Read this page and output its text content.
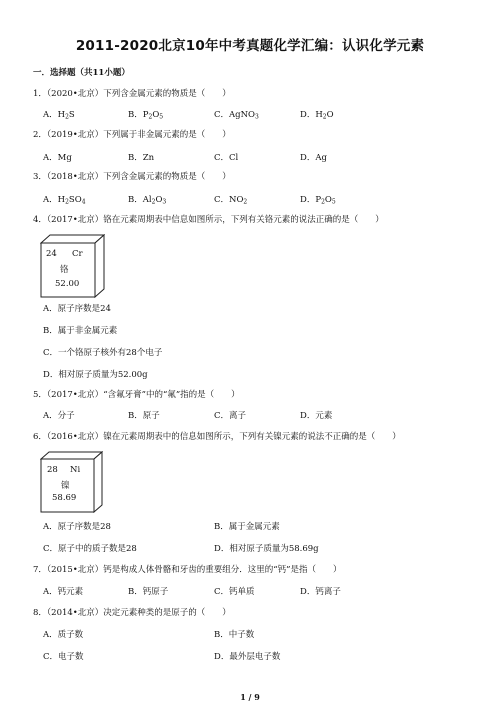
2011-2020北京10年中考真题化学汇编：认识化学元素
一．选择题（共11小题）
1．（2020•北京）下列含金属元素的物质是（　　）
A．$H_2S$	B．$P_2O_5$	C．AgNO$_3$	D．$H_2O$
2．（2019•北京）下列属于非金属元素的是（　　）
A．Mg	B．Zn	C．Cl	D．Ag
3．（2018•北京）下列含金属元素的物质是（　　）
A．$H_2SO_4$	B．$Al_2O_3$	C．$NO_2$	D．$P_2O_5$
4．（2017•北京）铬在元素周期表中信息如图所示，下列有关铬元素的说法正确的是（　　）
24 Cr
铬
52.00
A．原子序数是24
B．属于非金属元素
C．一个铬原子核外有28个电子
D．相对原子质量为52.00g
5．（2017•北京）“含氟牙膏”中的“氟”指的是（　　）
A．分子	B．原子	C．离子	D．元素
6．（2016•北京）镍在元素周期表中的信息如图所示，下列有关镍元素的说法不正确的是（　　）
28 Ni
镍
58.69
A．原子序数是28	B．属于金属元素
C．原子中的质子数是28	D．相对原子质量为58.69g
7．（2015•北京）钙是构成人体骨骼和牙齿的重要组分．这里的“钙”是指（　　）
A．钙元素	B．钙原子	C．钙单质	D．钙离子
8．（2014•北京）决定元素种类的是原子的（　　）
A．质子数	B．中子数
C．电子数	D．最外层电子数
1 / 9
